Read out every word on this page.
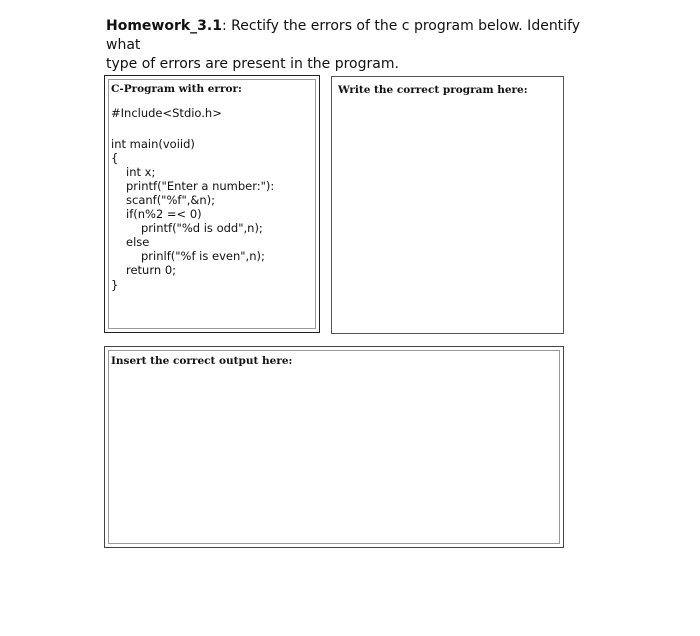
Homework_3.1: Rectify the errors of the c program below. Identify what
type of errors are present in the program.

C-Program with error:
#Include<Stdio.h>
int main(voiid)
{
int x;
printf("Enter a number:"):
scanf("%f",&n);
if(n%2 =< 0)
printf("%d is odd",n);
else
prinlf("%f is even",n);
return 0;
}
Write the correct program here:
Insert the correct output here:
